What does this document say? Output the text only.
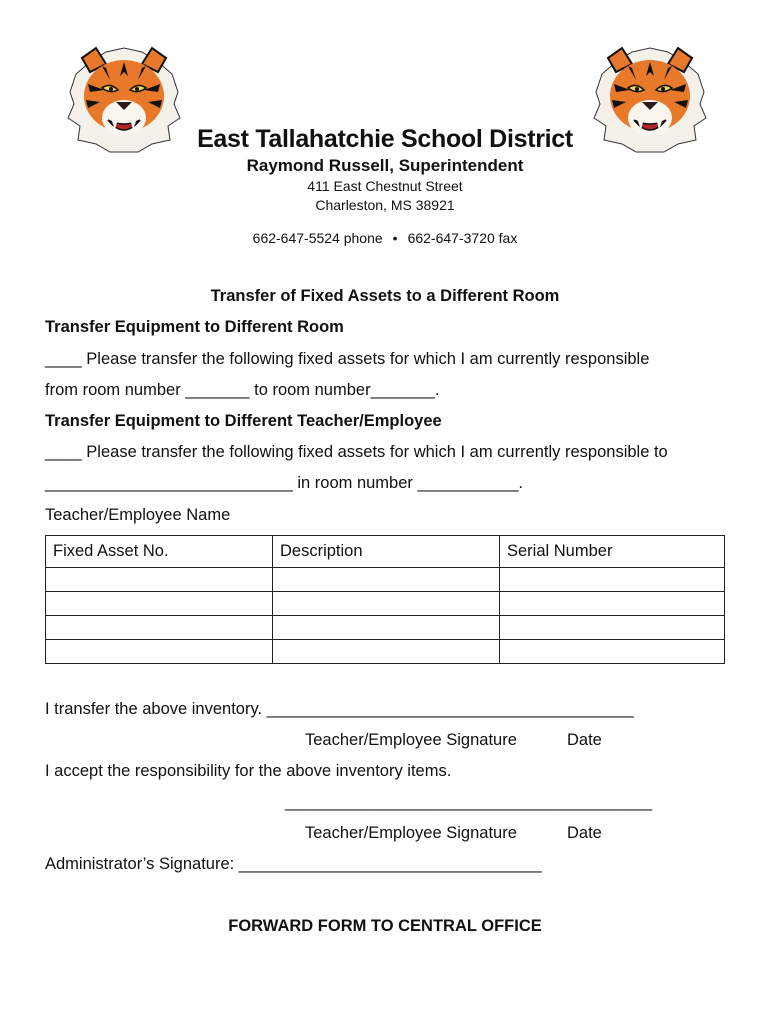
East Tallahatchie School District
Raymond Russell, Superintendent
411 East Chestnut Street
Charleston, MS 38921
662-647-5524 phone • 662-647-3720 fax
Transfer of Fixed Assets to a Different Room
Transfer Equipment to Different Room
____ Please transfer the following fixed assets for which I am currently responsible
from room number _______ to room number_______.
Transfer Equipment to Different Teacher/Employee
____ Please transfer the following fixed assets for which I am currently responsible to
___________________________ in room number ___________.
Teacher/Employee Name
Fixed Asset No.	Description	Serial Number

I transfer the above inventory. ________________________________________
Teacher/Employee Signature	Date
I accept the responsibility for the above inventory items.
________________________________________
Teacher/Employee Signature	Date
Administrator’s Signature: _________________________________
FORWARD FORM TO CENTRAL OFFICE
